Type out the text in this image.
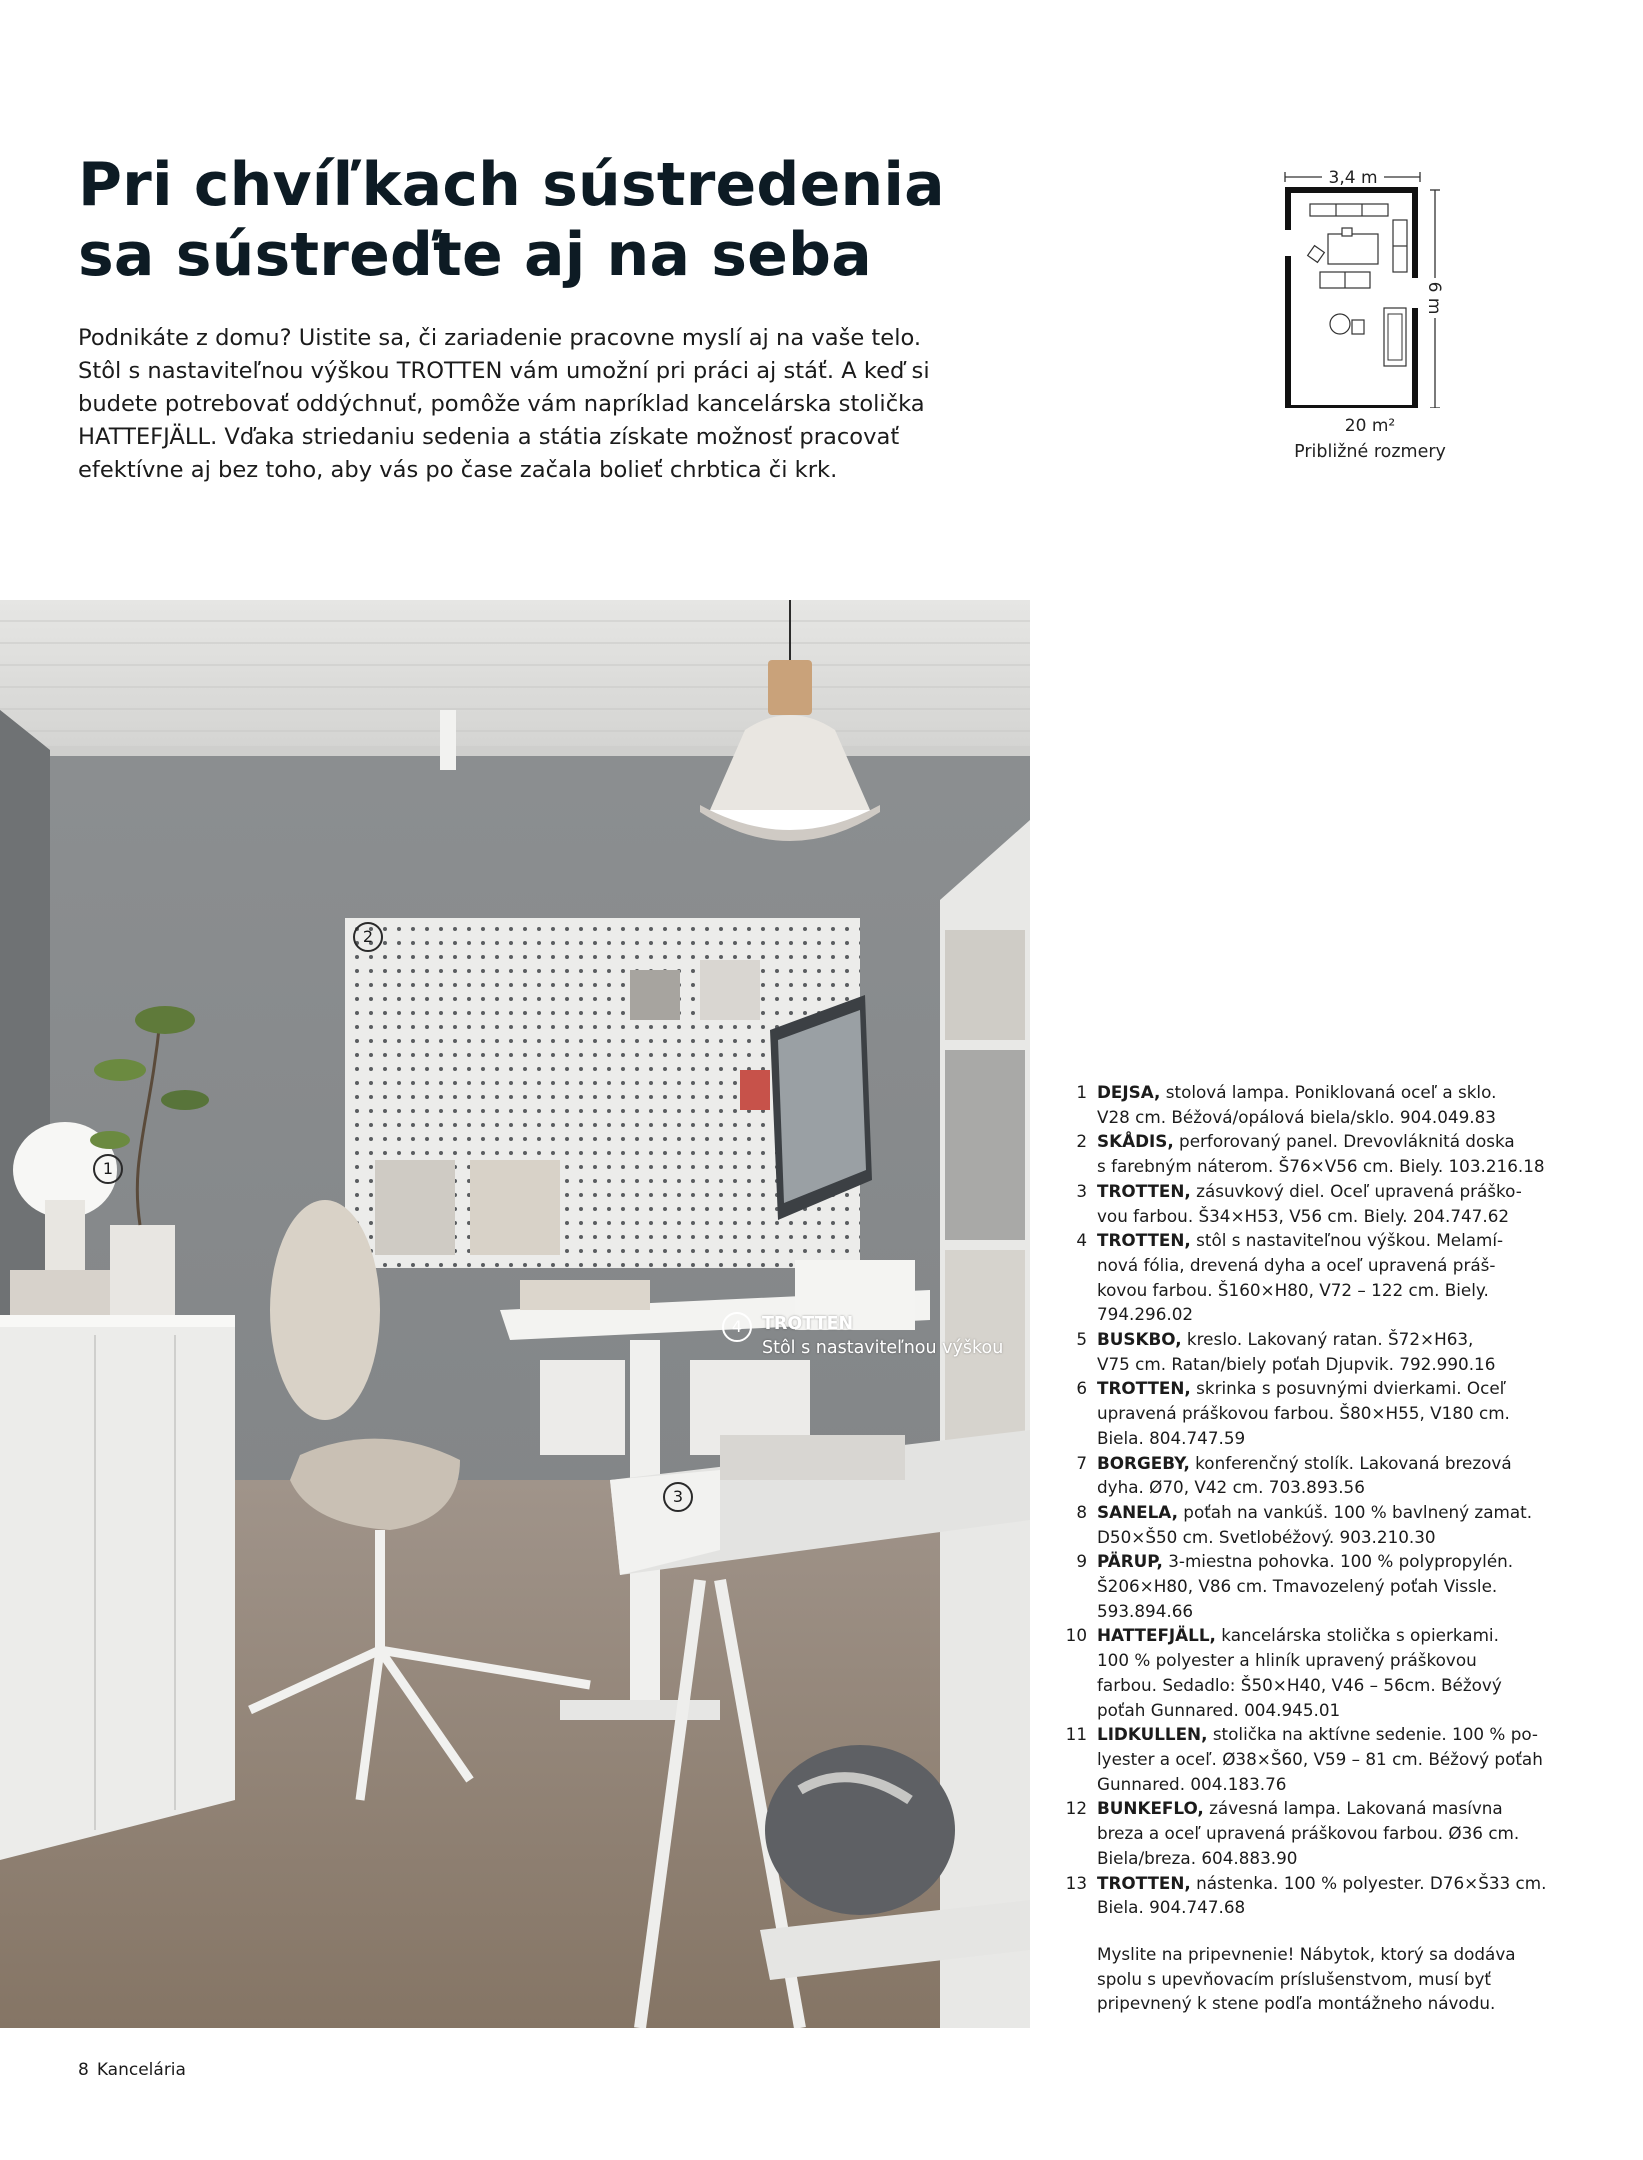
Pri chvíľkach sústredenia
sa sústreďte aj na seba

Podnikáte z domu? Uistite sa, či zariadenie pracovne myslí aj na vaše telo.
Stôl s nastaviteľnou výškou TROTTEN vám umožní pri práci aj stáť. A keď si
budete potrebovať oddýchnuť, pomôže vám napríklad kancelárska stolička
HATTEFJÄLL. Vďaka striedaniu sedenia a státia získate možnosť pracovať
efektívne aj bez toho, aby vás po čase začala bolieť chrbtica či krk.

3,4 m
6 m
20 m²
Približné rozmery
2
1
3
4	TROTTEN
Stôl s nastaviteľnou výškou
1 DEJSA, stolová lampa. Poniklovaná oceľ a sklo.
V28 cm. Béžová/opálová biela/sklo. 904.049.83
2 SKÅDIS, perforovaný panel. Drevovláknitá doska
s farebným náterom. Š76×V56 cm. Biely. 103.216.18
3 TROTTEN, zásuvkový diel. Oceľ upravená práško-
vou farbou. Š34×H53, V56 cm. Biely. 204.747.62
4 TROTTEN, stôl s nastaviteľnou výškou. Melamí-
nová fólia, drevená dyha a oceľ upravená práš-
kovou farbou. Š160×H80, V72 – 122 cm. Biely.
794.296.02
5 BUSKBO, kreslo. Lakovaný ratan. Š72×H63,
V75 cm. Ratan/biely poťah Djupvik. 792.990.16
6 TROTTEN, skrinka s posuvnými dvierkami. Oceľ
upravená práškovou farbou. Š80×H55, V180 cm.
Biela. 804.747.59
7 BORGEBY, konferenčný stolík. Lakovaná brezová
dyha. Ø70, V42 cm. 703.893.56
8 SANELA, poťah na vankúš. 100 % bavlnený zamat.
D50×Š50 cm. Svetlobéžový. 903.210.30
9 PÄRUP, 3-miestna pohovka. 100 % polypropylén.
Š206×H80, V86 cm. Tmavozelený poťah Vissle.
593.894.66
10 HATTEFJÄLL, kancelárska stolička s opierkami.
100 % polyester a hliník upravený práškovou
farbou. Sedadlo: Š50×H40, V46 – 56cm. Béžový
poťah Gunnared. 004.945.01
11 LIDKULLEN, stolička na aktívne sedenie. 100 % po-
lyester a oceľ. Ø38×Š60, V59 – 81 cm. Béžový poťah
Gunnared. 004.183.76
12 BUNKEFLO, závesná lampa. Lakovaná masívna
breza a oceľ upravená práškovou farbou. Ø36 cm.
Biela/breza. 604.883.90
13 TROTTEN, nástenka. 100 % polyester. D76×Š33 cm.
Biela. 904.747.68
Myslite na pripevnenie! Nábytok, ktorý sa dodáva
spolu s upevňovacím príslušenstvom, musí byť
pripevnený k stene podľa montážneho návodu.
8 Kancelária
